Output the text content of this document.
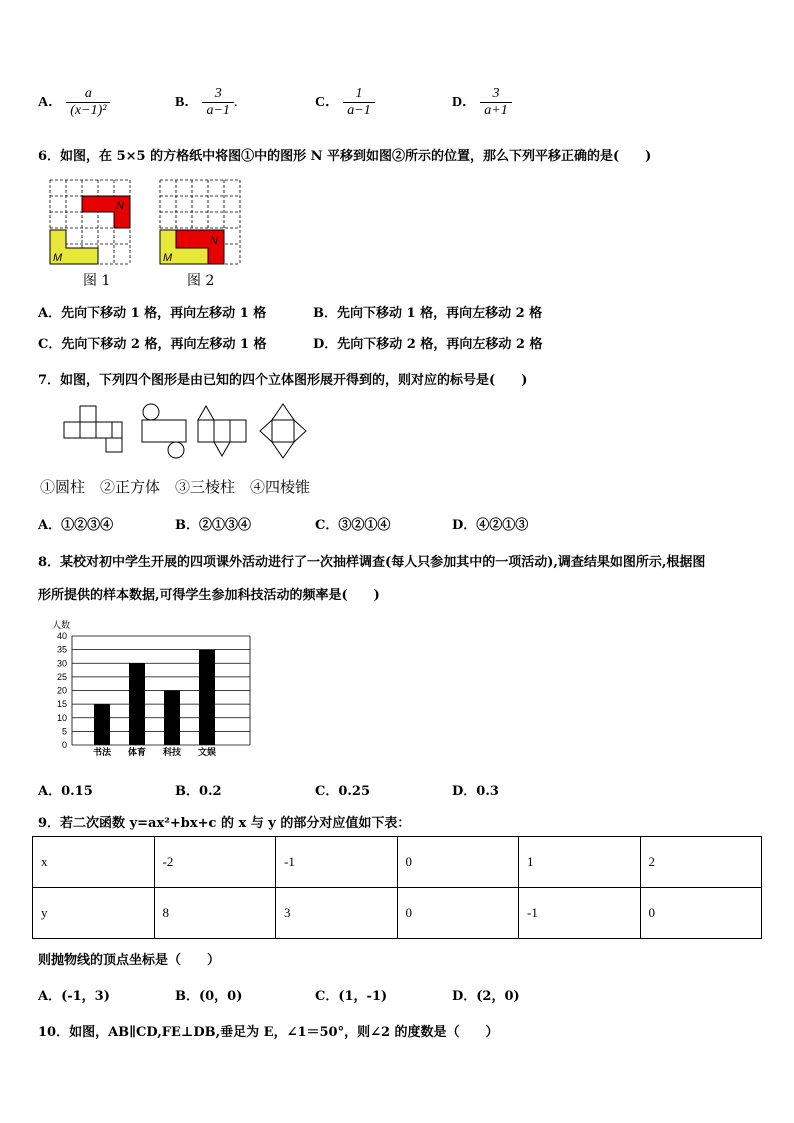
A． $\frac{a}{\text{(x−1)²}}$	B． $\frac{3}{a-1}$ .	C． $\frac{1}{a-1}$	D． $\frac{3}{a+1}$
6．如图，在 5×5 的方格纸中将图①中的图形 N 平移到如图②所示的位置，那么下列平移正确的是(　　)
N
M
N
M
图 1	图 2
A．先向下移动 1 格，再向左移动 1 格	B．先向下移动 1 格，再向左移动 2 格
C．先向下移动 2 格，再向左移动 1 格	D．先向下移动 2 格，再向左移动 2 格
7．如图，下列四个图形是由已知的四个立体图形展开得到的，则对应的标号是(　　)
①圆柱　②正方体　③三棱柱　④四棱锥
A．①②③④	B．②①③④	C．③②①④	D．④②①③
8．某校对初中学生开展的四项课外活动进行了一次抽样调查(每人只参加其中的一项活动),调查结果如图所示,根据图
形所提供的样本数据,可得学生参加科技活动的频率是(　　)
人数
0
5
10
15
20
25
30
35
40
书法 体育 科技 文娱
A．0.15	B．0.2	C．0.25	D．0.3
9．若二次函数 y=ax²+bx+c 的 x 与 y 的部分对应值如下表：
x	-2	-1	0	1	2
y	8	3	0	-1	0
则抛物线的顶点坐标是（　　）
A．(-1，3)	B．(0，0)	C．(1，-1)	D．(2，0)
10．如图，AB∥CD,FE⊥DB,垂足为 E，∠1＝50°，则∠2 的度数是（　　）
